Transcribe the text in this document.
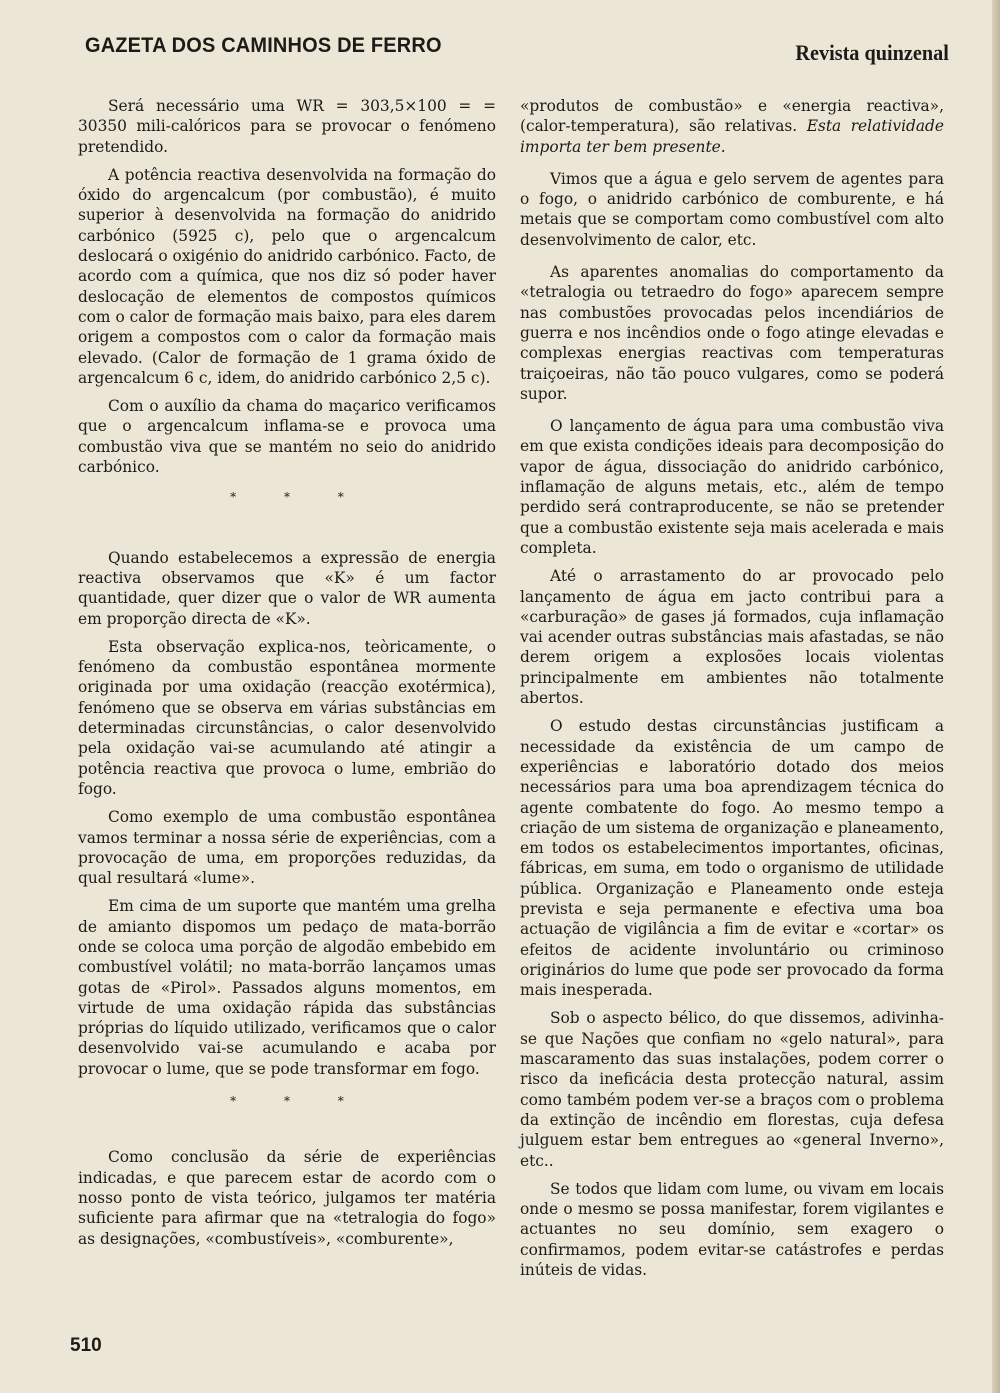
GAZETA DOS CAMINHOS DE FERRO	Revista quinzenal

Será necessário uma WR = 303,5×100 = = 30350 mili-calóricos para se provocar o fenómeno pretendido.

A potência reactiva desenvolvida na formação do óxido do argencalcum (por combustão), é muito superior à desenvolvida na formação do anidrido carbónico (5925 c), pelo que o argencalcum deslocará o oxigénio do anidrido carbónico. Facto, de acordo com a química, que nos diz só poder haver deslocação de elementos de compostos químicos com o calor de formação mais baixo, para eles darem origem a compostos com o calor da formação mais elevado. (Calor de formação de 1 grama óxido de argencalcum 6 c, idem, do anidrido carbónico 2,5 c).

Com o auxílio da chama do maçarico verificamos que o argencalcum inflama-se e provoca uma combustão viva que se mantém no seio do anidrido carbónico.

* * *

Quando estabelecemos a expressão de energia reactiva observamos que «K» é um factor quantidade, quer dizer que o valor de WR aumenta em proporção directa de «K».

Esta observação explica-nos, teòricamente, o fenómeno da combustão espontânea mormente originada por uma oxidação (reacção exotérmica), fenómeno que se observa em várias substâncias em determinadas circunstâncias, o calor desenvolvido pela oxidação vai-se acumulando até atingir a potência reactiva que provoca o lume, embrião do fogo.

Como exemplo de uma combustão espontânea vamos terminar a nossa série de experiências, com a provocação de uma, em proporções reduzidas, da qual resultará «lume».

Em cima de um suporte que mantém uma grelha de amianto dispomos um pedaço de mata-borrão onde se coloca uma porção de algodão embebido em combustível volátil; no mata-borrão lançamos umas gotas de «Pirol». Passados alguns momentos, em virtude de uma oxidação rápida das substâncias próprias do líquido utilizado, verificamos que o calor desenvolvido vai-se acumulando e acaba por provocar o lume, que se pode transformar em fogo.

* * *

Como conclusão da série de experiências indicadas, e que parecem estar de acordo com o nosso ponto de vista teórico, julgamos ter matéria suficiente para afirmar que na «tetralogia do fogo» as designações, «combustíveis», «comburente»,

«produtos de combustão» e «energia reactiva», (calor-temperatura), são relativas. Esta relatividade importa ter bem presente.

Vimos que a água e gelo servem de agentes para o fogo, o anidrido carbónico de comburente, e há metais que se comportam como combustível com alto desenvolvimento de calor, etc.

As aparentes anomalias do comportamento da «tetralogia ou tetraedro do fogo» aparecem sempre nas combustões provocadas pelos incendiários de guerra e nos incêndios onde o fogo atinge elevadas e complexas energias reactivas com temperaturas traiçoeiras, não tão pouco vulgares, como se poderá supor.

O lançamento de água para uma combustão viva em que exista condições ideais para decomposição do vapor de água, dissociação do anidrido carbónico, inflamação de alguns metais, etc., além de tempo perdido será contraproducente, se não se pretender que a combustão existente seja mais acelerada e mais completa.

Até o arrastamento do ar provocado pelo lançamento de água em jacto contribui para a «carburação» de gases já formados, cuja inflamação vai acender outras substâncias mais afastadas, se não derem origem a explosões locais violentas principalmente em ambientes não totalmente abertos.

O estudo destas circunstâncias justificam a necessidade da existência de um campo de experiências e laboratório dotado dos meios necessários para uma boa aprendizagem técnica do agente combatente do fogo. Ao mesmo tempo a criação de um sistema de organização e planeamento, em todos os estabelecimentos importantes, oficinas, fábricas, em suma, em todo o organismo de utilidade pública. Organização e Planeamento onde esteja prevista e seja permanente e efectiva uma boa actuação de vigilância a fim de evitar e «cortar» os efeitos de acidente involuntário ou criminoso originários do lume que pode ser provocado da forma mais inesperada.

Sob o aspecto bélico, do que dissemos, adivinha-se que Nações que confiam no «gelo natural», para mascaramento das suas instalações, podem correr o risco da ineficácia desta protecção natural, assim como também podem ver-se a braços com o problema da extinção de incêndio em florestas, cuja defesa julguem estar bem entregues ao «general Inverno», etc..

Se todos que lidam com lume, ou vivam em locais onde o mesmo se possa manifestar, forem vigilantes e actuantes no seu domínio, sem exagero o confirmamos, podem evitar-se catástrofes e perdas inúteis de vidas.

510
